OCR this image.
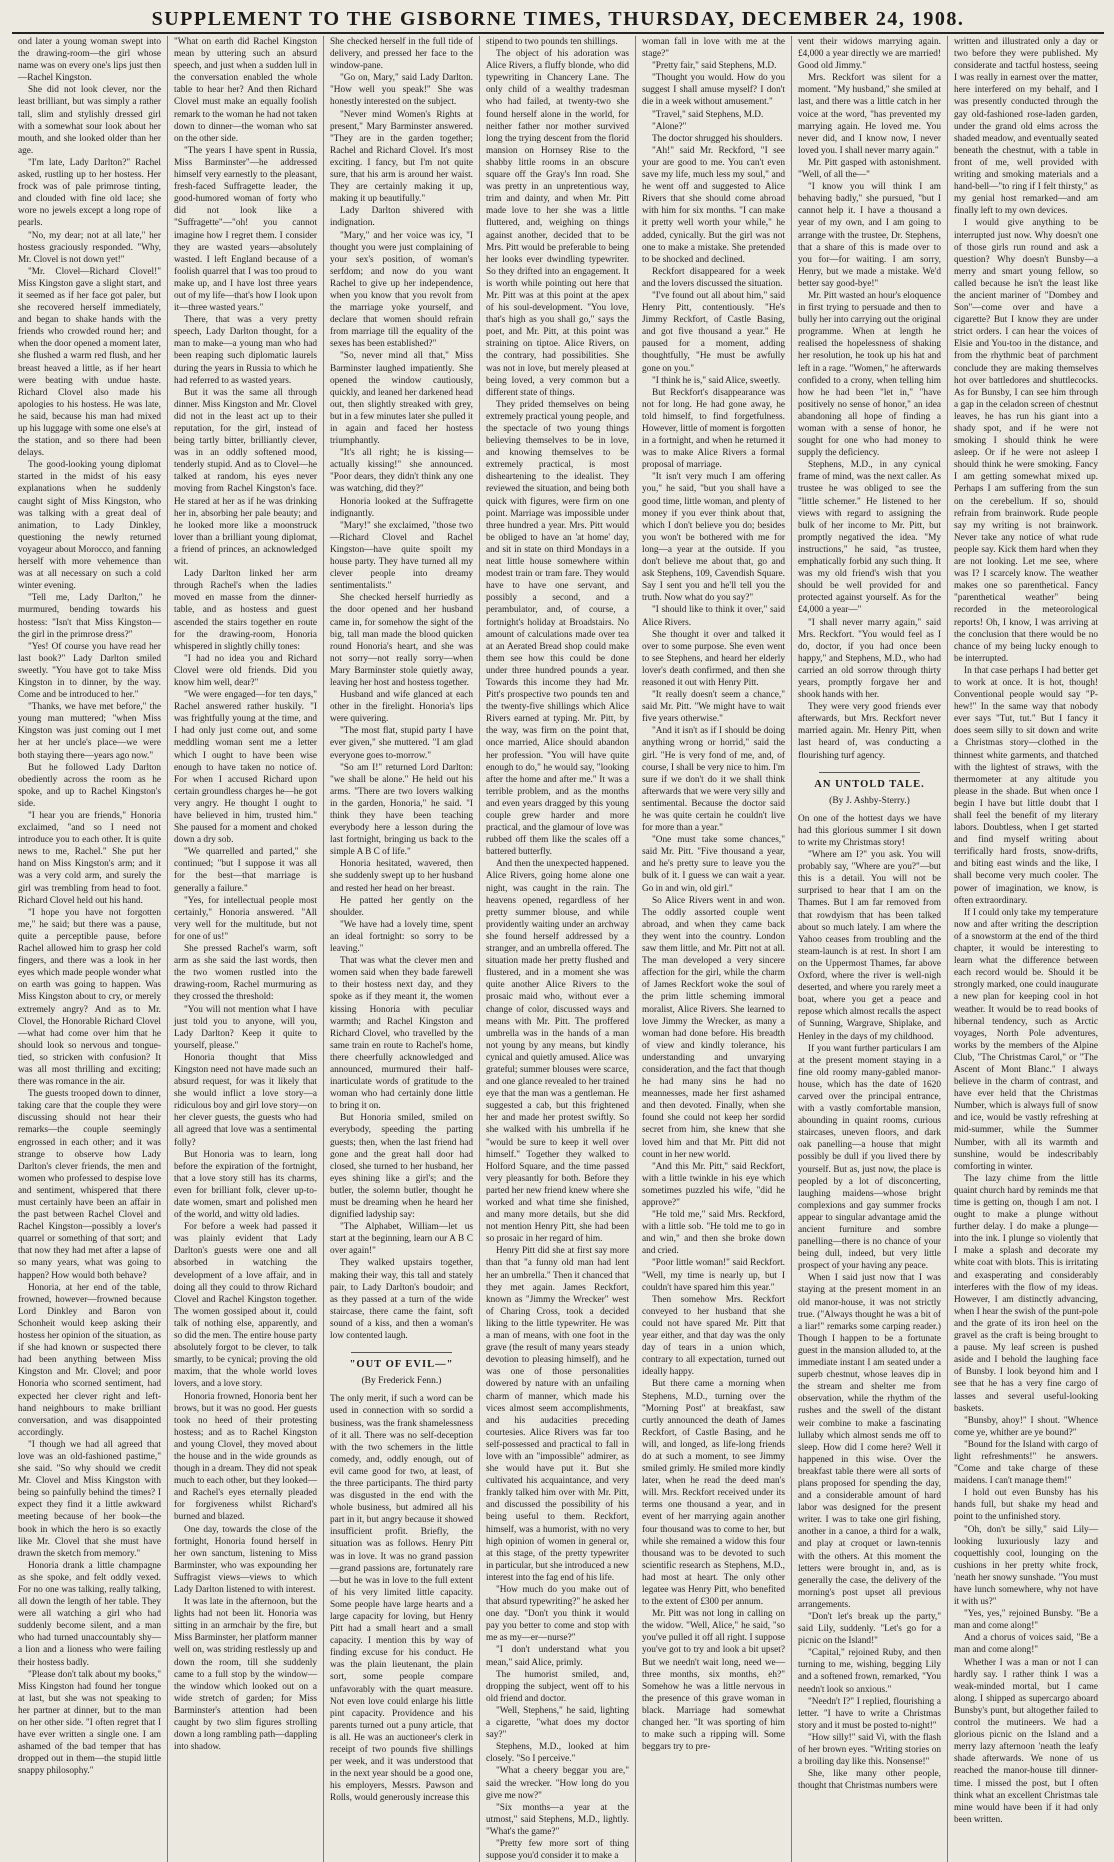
SUPPLEMENT TO THE GISBORNE TIMES, THURSDAY, DECEMBER 24, 1908.

ond later a young woman swept into the drawing-room—the girl whose name was on every one's lips just then—Rachel Kingston.

She did not look clever, nor the least brilliant, but was simply a rather tall, slim and stylishly dressed girl with a somewhat sour look about her mouth, and she looked older than her age.

"I'm late, Lady Darlton?" Rachel asked, rustling up to her hostess. Her frock was of pale primrose tinting, and clouded with fine old lace; she wore no jewels except a long rope of pearls.

"No, my dear; not at all late," her hostess graciously responded. "Why, Mr. Clovel is not down yet!"

"Mr. Clovel—Richard Clovel!" Miss Kingston gave a slight start, and it seemed as if her face got paler, but she recovered herself immediately, and began to shake hands with the friends who crowded round her; and when the door opened a moment later, she flushed a warm red flush, and her breast heaved a little, as if her heart were beating with undue haste. Richard Clovel also made his apologies to his hostess. He was late, he said, because his man had mixed up his luggage with some one else's at the station, and so there had been delays.

The good-looking young diplomat started in the midst of his easy explanations when he suddenly caught sight of Miss Kingston, who was talking with a great deal of animation, to Lady Dinkley, questioning the newly returned voyageur about Morocco, and fanning herself with more vehemence than was at all necessary on such a cold winter evening.

"Tell me, Lady Darlton," he murmured, bending towards his hostess: "Isn't that Miss Kingston—the girl in the primrose dress?"

"Yes! Of course you have read her last book?" Lady Darlton smiled sweetly. "You have got to take Miss Kingston in to dinner, by the way. Come and be introduced to her."

"Thanks, we have met before," the young man muttered; "when Miss Kingston was just coming out I met her at her uncle's place—we were both staying there—years ago now."

But he followed Lady Darlton obediently across the room as he spoke, and up to Rachel Kingston's side.

"I hear you are friends," Honoria exclaimed, "and so I need not introduce you to each other. It is quite news to me, Rachel." She put her hand on Miss Kingston's arm; and it was a very cold arm, and surely the girl was trembling from head to foot. Richard Clovel held out his hand.

"I hope you have not forgotten me," he said; but there was a pause, quite a perceptible pause, before Rachel allowed him to grasp her cold fingers, and there was a look in her eyes which made people wonder what on earth was going to happen. Was Miss Kingston about to cry, or merely extremely angry? And as to Mr. Clovel, the Honorable Richard Clovel—what had come over him that he should look so nervous and tongue-tied, so stricken with confusion? It was all most thrilling and exciting; there was romance in the air.

The guests trooped down to dinner, taking care that the couple they were discussing should not hear their remarks—the couple seemingly engrossed in each other; and it was strange to observe how Lady Darlton's clever friends, the men and women who professed to despise love and sentiment, whispered that there must certainly have been an affair in the past between Rachel Clovel and Rachel Kingston—possibly a lover's quarrel or something of that sort; and that now they had met after a lapse of so many years, what was going to happen? How would both behave?

Honoria, at her end of the table, frowned, however—frowned because Lord Dinkley and Baron von Schonheit would keep asking their hostess her opinion of the situation, as if she had known or suspected there had been anything between Miss Kingston and Mr. Clovel; and poor Honoria who scorned sentiment, had expected her clever right and left-hand neighbours to make brilliant conversation, and was disappointed accordingly.

"I though we had all agreed that love was an old-fashioned pastime," she said. "So why should we credit Mr. Clovel and Miss Kingston with being so painfully behind the times? I expect they find it a little awkward meeting because of her book—the book in which the hero is so exactly like Mr. Clovel that she must have drawn the sketch from memory."

Honoria drank a little champagne as she spoke, and felt oddly vexed. For no one was talking, really talking, all down the length of her table. They were all watching a girl who had suddenly become silent, and a man who had turned unaccountably shy—a lion and a lioness who were failing their hostess badly.

"Please don't talk about my books," Miss Kingston had found her tongue at last, but she was not speaking to her partner at dinner, but to the man on her other side. "I often regret that I have ever written a single one. I am ashamed of the bad temper that has dropped out in them—the stupid little snappy philosophy."

"What on earth did Rachel Kingston mean by uttering such an absurd speech, and just when a sudden lull in the conversation enabled the whole table to hear her? And then Richard Clovel must make an equally foolish remark to the woman he had not taken down to dinner—the woman who sat on the other side.

"The years I have spent in Russia, Miss Barminster"—he addressed himself very earnestly to the pleasant, fresh-faced Suffragette leader, the good-humored woman of forty who did not look like a "Suffragette"—"oh! you cannot imagine how I regret them. I consider they are wasted years—absolutely wasted. I left England because of a foolish quarrel that I was too proud to make up, and I have lost three years out of my life—that's how I look upon it—three wasted years."

There, that was a very pretty speech, Lady Darlton thought, for a man to make—a young man who had been reaping such diplomatic laurels during the years in Russia to which he had referred to as wasted years.

But it was the same all through dinner. Miss Kingston and Mr. Clovel did not in the least act up to their reputation, for the girl, instead of being tartly bitter, brilliantly clever, was in an oddly softened mood, tenderly stupid. And as to Clovel—he talked at random, his eyes never moving from Rachel Kingston's face. He stared at her as if he was drinking her in, absorbing her pale beauty; and he looked more like a moonstruck lover than a brilliant young diplomat, a friend of princes, an acknowledged wit.

Lady Darlton linked her arm through Rachel's when the ladies moved en masse from the dinner-table, and as hostess and guest ascended the stairs together en route for the drawing-room, Honoria whispered in slightly chilly tones:

"I had no idea you and Richard Clovel were old friends. Did you know him well, dear?"

"We were engaged—for ten days," Rachel answered rather huskily. "I was frightfully young at the time, and I had only just come out, and some meddling woman sent me a letter which I ought to have been wise enough to have taken no notice of. For when I accused Richard upon certain groundless charges he—he got very angry. He thought I ought to have believed in him, trusted him." She paused for a moment and choked down a dry sob.

"We quarrelled and parted," she continued; "but I suppose it was all for the best—that marriage is generally a failure."

"Yes, for intellectual people most certainly," Honoria answered. "All very well for the multitude, but not for one of us!"

She pressed Rachel's warm, soft arm as she said the last words, then the two women rustled into the drawing-room, Rachel murmuring as they crossed the threshold:

"You will not mention what I have just told you to anyone, will you, Lady Darlton? Keep it quite to yourself, please."

Honoria thought that Miss Kingston need not have made such an absurd request, for was it likely that she would inflict a love story—a ridiculous boy and girl love story—on her clever guests, the guests who had all agreed that love was a sentimental folly?

But Honoria was to learn, long before the expiration of the fortnight, that a love story still has its charms, even for brilliant folk, clever up-to-date women, smart and polished men of the world, and witty old ladies.

For before a week had passed it was plainly evident that Lady Darlton's guests were one and all absorbed in watching the development of a love affair, and in doing all they could to throw Richard Clovel and Rachel Kingston together. The women gossiped about it, could talk of nothing else, apparently, and so did the men. The entire house party absolutely forgot to be clever, to talk smartly, to be cynical; proving the old maxim, that the whole world loves lovers, and a love story.

Honoria frowned, Honoria bent her brows, but it was no good. Her guests took no heed of their protesting hostess; and as to Rachel Kingston and young Clovel, they moved about the house and in the wide grounds as though in a dream. They did not speak much to each other, but they looked—and Rachel's eyes eternally pleaded for forgiveness whilst Richard's burned and blazed.

One day, towards the close of the fortnight, Honoria found herself in her own sanctum, listening to Miss Barminster, who was expounding her Suffragist views—views to which Lady Darlton listened to with interest.

It was late in the afternoon, but the lights had not been lit. Honoria was sitting in an armchair by the fire, but Miss Barminster, her platform manner well on, was striding restlessly up and down the room, till she suddenly came to a full stop by the window—the window which looked out on a wide stretch of garden; for Miss Barminster's attention had been caught by two slim figures strolling down a long rambling path—dappling into shadow.

She checked herself in the full tide of delivery, and pressed her face to the window-pane.

"Go on, Mary," said Lady Darlton. "How well you speak!" She was honestly interested on the subject.

"Never mind Women's Rights at present," Mary Barminster answered. "They are in the garden together; Rachel and Richard Clovel. It's most exciting. I fancy, but I'm not quite sure, that his arm is around her waist. They are certainly making it up, making it up beautifully."

Lady Darlton shivered with indignation.

"Mary," and her voice was icy, "I thought you were just complaining of your sex's position, of woman's serfdom; and now do you want Rachel to give up her independence, when you know that you revolt from the marriage yoke yourself, and declare that women should refrain from marriage till the equality of the sexes has been established?"

"So, never mind all that," Miss Barminster laughed impatiently. She opened the window cautiously, quickly, and leaned her darkened head out, then slightly streaked with grey, but in a few minutes later she pulled it in again and faced her hostess triumphantly.

"It's all right; he is kissing—actually kissing!" she announced. "Poor dears, they didn't think any one was watching, did they?"

Honoria looked at the Suffragette indignantly.

"Mary!" she exclaimed, "those two—Richard Clovel and Rachel Kingston—have quite spoilt my house party. They have turned all my clever people into dreamy sentimentalists."

She checked herself hurriedly as the door opened and her husband came in, for somehow the sight of the big, tall man made the blood quicken round Honoria's heart, and she was not sorry—not really sorry—when Mary Barminster stole quietly away, leaving her host and hostess together.

Husband and wife glanced at each other in the firelight. Honoria's lips were quivering.

"The most flat, stupid party I have ever given," she muttered. "I am glad everyone goes to-morrow."

"So am I!" returned Lord Darlton: "we shall be alone." He held out his arms. "There are two lovers walking in the garden, Honoria," he said. "I think they have been teaching everybody here a lesson during the last fortnight, bringing us back to the simple A B C of life."

Honoria hesitated, wavered, then she suddenly swept up to her husband and rested her head on her breast.

He patted her gently on the shoulder.

"We have had a lovely time, spent an ideal fortnight: so sorry to be leaving."

That was what the clever men and women said when they bade farewell to their hostess next day, and they spoke as if they meant it, the women kissing Honoria with peculiar warmth; and Rachel Kingston and Richard Clovel, who travelled by the same train en route to Rachel's home, there cheerfully acknowledged and announced, murmured their half-inarticulate words of gratitude to the woman who had certainly done little to bring it on.

But Honoria smiled, smiled on everybody, speeding the parting guests; then, when the last friend had gone and the great hall door had closed, she turned to her husband, her eyes shining like a girl's; and the butler, the solemn butler, thought he must be dreaming when he heard her dignified ladyship say:

"The Alphabet, William—let us start at the beginning, learn our A B C over again!"

They walked upstairs together, making their way, this tall and stately pair, to Lady Darlton's boudoir; and as they passed at a turn of the wide staircase, there came the faint, soft sound of a kiss, and then a woman's low contented laugh.

"OUT OF EVIL—"
(By Frederick Fenn.)

The only merit, if such a word can be used in connection with so sordid a business, was the frank shamelessness of it all. There was no self-deception with the two schemers in the little comedy, and, oddly enough, out of evil came good for two, at least, of the three participants. The third party was disgusted in the end with the whole business, but admired all his part in it, but angry because it showed insufficient profit. Briefly, the situation was as follows. Henry Pitt was in love. It was no grand passion—grand passions are, fortunately rare—but he was in love to the full extent of his very limited little capacity. Some people have large hearts and a large capacity for loving, but Henry Pitt had a small heart and a small capacity. I mention this by way of finding excuse for his conduct. He was the plain lieutenant, the plain sort, some people compare unfavorably with the quart measure. Not even love could enlarge his little pint capacity. Providence and his parents turned out a puny article, that is all. He was an auctioneer's clerk in receipt of two pounds five shillings per week, and it was understood that in the next year should be a good one, his employers, Messrs. Pawson and Rolls, would generously increase this

stipend to two pounds ten shillings.

The object of his adoration was Alice Rivers, a fluffy blonde, who did typewriting in Chancery Lane. The only child of a wealthy tradesman who had failed, at twenty-two she found herself alone in the world, for neither father nor mother survived long the trying descent from the florid mansion on Hornsey Rise to the shabby little rooms in an obscure square off the Gray's Inn road. She was pretty in an unpretentious way, trim and dainty, and when Mr. Pitt made love to her she was a little fluttered, and, weighing on things against another, decided that to be Mrs. Pitt would be preferable to being her looks ever dwindling typewriter. So they drifted into an engagement. It is worth while pointing out here that Mr. Pitt was at this point at the apex of his soul-development. "You love, that's high as you shall go," says the poet, and Mr. Pitt, at this point was straining on tiptoe. Alice Rivers, on the contrary, had possibilities. She was not in love, but merely pleased at being loved, a very common but a different state of things.

They prided themselves on being extremely practical young people, and the spectacle of two young things believing themselves to be in love, and knowing themselves to be extremely practical, is most disheartening to the idealist. They reviewed the situation, and being both quick with figures, were firm on one point. Marriage was impossible under three hundred a year. Mrs. Pitt would be obliged to have an 'at home' day, and sit in state on third Mondays in a neat little house somewhere within modest train or tram fare. They would have to have one servant, and possibly a second, and a perambulator, and, of course, a fortnight's holiday at Broadstairs. No amount of calculations made over tea at an Aerated Bread shop could make them see how this could be done under three hundred pounds a year. Towards this income they had Mr. Pitt's prospective two pounds ten and the twenty-five shillings which Alice Rivers earned at typing. Mr. Pitt, by the way, was firm on the point that, once married, Alice should abandon her profession. "You will have quite enough to do," he would say, "looking after the home and after me." It was a terrible problem, and as the months and even years dragged by this young couple grew harder and more practical, and the glamour of love was rubbed off them like the scales off a battered butterfly.

And then the unexpected happened. Alice Rivers, going home alone one night, was caught in the rain. The heavens opened, regardless of her pretty summer blouse, and while providently waiting under an archway she found herself addressed by a stranger, and an umbrella offered. The situation made her pretty flushed and flustered, and in a moment she was quite another Alice Rivers to the prosaic maid who, without ever a change of color, discussed ways and means with Mr. Pitt. The proffered umbrella was in the hands of a man not young by any means, but kindly cynical and quietly amused. Alice was grateful; summer blouses were scarce, and one glance revealed to her trained eye that the man was a gentleman. He suggested a cab, but this frightened her and made her protest swiftly. So she walked with his umbrella if he "would be sure to keep it well over himself." Together they walked to Holford Square, and the time passed very pleasantly for both. Before they parted her new friend knew where she worked and what time she finished, and many more details, but she did not mention Henry Pitt, she had been so prosaic in her regard of him.

Henry Pitt did she at first say more than that "a funny old man had lent her an umbrella." Then it chanced that they met again. James Reckfort, known as "Jimmy the Wrecker" west of Charing Cross, took a decided liking to the little typewriter. He was a man of means, with one foot in the grave (the result of many years steady devotion to pleasing himself), and he was one of those personalities dowered by nature with an unfailing charm of manner, which made his vices almost seem accomplishments, and his audacities preceding courtesies. Alice Rivers was far too self-possessed and practical to fall in love with an "impossible" admirer, as she would have put it. But she cultivated his acquaintance, and very frankly talked him over with Mr. Pitt, and discussed the possibility of his being useful to them. Reckfort, himself, was a humorist, with no very high opinion of women in general or, at this stage, of the pretty typewriter in particular, but she introduced a new interest into the fag end of his life.

"How much do you make out of that absurd typewriting?" he asked her one day. "Don't you think it would pay you better to come and stop with me as my—er—nurse?"

"I don't understand what you mean," said Alice, primly.

The humorist smiled, and, dropping the subject, went off to his old friend and doctor.

"Well, Stephens," he said, lighting a cigarette, "what does my doctor say?"

Stephens, M.D., looked at him closely. "So I perceive."

"What a cheery beggar you are," said the wrecker. "How long do you give me now?"

"Six months—a year at the utmost," said Stephens, M.D., lightly. "What's the game?"

"Pretty few more sort of thing suppose you'd consider it to make a

woman fall in love with me at the stage?"

"Pretty fair," said Stephens, M.D.

"Thought you would. How do you suggest I shall amuse myself? I don't die in a week without amusement."

"Travel," said Stephens, M.D.

"Alone?"

The doctor shrugged his shoulders.

"Ah!" said Mr. Reckford, "I see your are good to me. You can't even save my life, much less my soul," and he went off and suggested to Alice Rivers that she should come abroad with him for six months. "I can make it pretty well worth your while," he added, cynically. But the girl was not one to make a mistake. She pretended to be shocked and declined.

Reckfort disappeared for a week and the lovers discussed the situation.

"I've found out all about him," said Henry Pitt, contentiously. "He's Jimmy Reckfort, of Castle Basing, and got five thousand a year." He paused for a moment, adding thoughtfully, "He must be awfully gone on you."

"I think he is," said Alice, sweetly.

But Reckfort's disappearance was not for long. He had gone away, he told himself, to find forgetfulness. However, little of moment is forgotten in a fortnight, and when he returned it was to make Alice Rivers a formal proposal of marriage.

"It isn't very much I am offering you," he said, "but you shall have a good time, little woman, and plenty of money if you ever think about that, which I don't believe you do; besides you won't be bothered with me for long—a year at the outside. If you don't believe me about that, go and ask Stephens, 109, Cavendish Square. Say I sent you and he'll tell you the truth. Now what do you say?"

"I should like to think it over," said Alice Rivers.

She thought it over and talked it over to some purpose. She even went to see Stephens, and heard her elderly lover's death confirmed, and then she reasoned it out with Henry Pitt.

"It really doesn't seem a chance," said Mr. Pitt. "We might have to wait five years otherwise."

"And it isn't as if I should be doing anything wrong or horrid," said the girl. "He is very fond of me, and, of course, I shall be very nice to him. I'm sure if we don't do it we shall think afterwards that we were very silly and sentimental. Because the doctor said he was quite certain he couldn't live for more than a year."

"One must take some chances," said Mr. Pitt. "Five thousand a year, and he's pretty sure to leave you the bulk of it. I guess we can wait a year. Go in and win, old girl."

So Alice Rivers went in and won. The oddly assorted couple went abroad, and when they came back they went into the country. London saw them little, and Mr. Pitt not at all. The man developed a very sincere affection for the girl, while the charm of James Reckfort woke the soul of the prim little scheming immoral moralist, Alice Rivers. She learned to love Jimmy the Wrecker, as many a woman had done before. His breadth of view and kindly tolerance, his understanding and unvarying consideration, and the fact that though he had many sins he had no meannesses, made her first ashamed and then devoted. Finally, when she found she could not keep her sordid secret from him, she knew that she loved him and that Mr. Pitt did not count in her new world.

"And this Mr. Pitt," said Reckfort, with a little twinkle in his eye which sometimes puzzled his wife, "did he approve?"

"He told me," said Mrs. Reckford, with a little sob. "He told me to go in and win," and then she broke down and cried.

"Poor little woman!" said Reckfort. "Well, my time is nearly up, but I couldn't have spared him this year."

Then somehow Mrs. Reckfort conveyed to her husband that she could not have spared Mr. Pitt that year either, and that day was the only day of tears in a union which, contrary to all expectation, turned out ideally happy.

But there came a morning when Stephens, M.D., turning over the "Morning Post" at breakfast, saw curtly announced the death of James Reckfort, of Castle Basing, and he will, and longed, as life-long friends do at such a moment, to see Jimmy smiled grimly. He smiled more kindly later, when he read the deed man's will. Mrs. Reckfort received under its terms one thousand a year, and in event of her marrying again another four thousand was to come to her, but while she remained a widow this four thousand was to be devoted to such scientific research as Stephens, M.D., had most at heart. The only other legatee was Henry Pitt, who benefited to the extent of £300 per annum.

Mr. Pitt was not long in calling on the widow. "Well, Alice," he said, "so you've pulled it off all right. I suppose you've got to try and look a bit upset? But we needn't wait long, need we—three months, six months, eh?" Somehow he was a little nervous in the presence of this grave woman in black. Marriage had somewhat changed her. "It was sporting of him to make such a ripping will. Some beggars try to pre-

vent their widows marrying again. £4,000 a year directly we are married! Good old Jimmy."

Mrs. Reckfort was silent for a moment. "My husband," she smiled at last, and there was a little catch in her voice at the word, "has prevented my marrying again. He loved me. You never did, and I know now, I never loved you. I shall never marry again."

Mr. Pitt gasped with astonishment. "Well, of all the—"

"I know you will think I am behaving badly," she pursued, "but I cannot help it. I have a thousand a year of my own, and I am going to arrange with the trustee, Dr. Stephens, that a share of this is made over to you for—for waiting. I am sorry, Henry, but we made a mistake. We'd better say good-bye!"

Mr. Pitt wasted an hour's eloquence in first trying to persuade and then to bully her into carrying out the original programme. When at length he realised the hopelessness of shaking her resolution, he took up his hat and left in a rage. "Women," he afterwards confided to a crony, when telling him how he had been "let in," "have positively no sense of honor," an idea abandoning all hope of finding a woman with a sense of honor, he sought for one who had money to supply the deficiency.

Stephens, M.D., in any cynical frame of mind, was the next caller. As trustee he was obliged to see the "little schemer." He listened to her views with regard to assigning the bulk of her income to Mr. Pitt, but promptly negatived the idea. "My instructions," he said, "as trustee, emphatically forbid any such thing. It was my old friend's wish that you should be well provided for and protected against yourself. As for the £4,000 a year—"

"I shall never marry again," said Mrs. Reckfort. "You would feel as I do, doctor, if you had once been happy," and Stephens, M.D., who had carried an old sorrow through thirty years, promptly forgave her and shook hands with her.

They were very good friends ever afterwards, but Mrs. Reckfort never married again. Mr. Henry Pitt, when last heard of, was conducting a flourishing turf agency.

AN UNTOLD TALE.
(By J. Ashby-Sterry.)

On one of the hottest days we have had this glorious summer I sit down to write my Christmas story!

"Where am I?" you ask. You will probably say, "Where are you?"—but this is a detail. You will not be surprised to hear that I am on the Thames. But I am far removed from that rowdyism that has been talked about so much lately. I am where the Yahoo ceases from troubling and the steam-launch is at rest. In short I am on the Uppermost Thames, far above Oxford, where the river is well-nigh deserted, and where you rarely meet a boat, where you get a peace and repose which almost recalls the aspect of Sunning, Wargrave, Shiplake, and Henley in the days of my childhood.

If you want further particulars I am at the present moment staying in a fine old roomy many-gabled manor-house, which has the date of 1620 carved over the principal entrance, with a vastly comfortable mansion, abounding in quaint rooms, curious staircases, uneven floors, and dark oak panelling—a house that might possibly be dull if you lived there by yourself. But as, just now, the place is peopled by a lot of disconcerting, laughing maidens—whose bright complexions and gay summer frocks appear to singular advantage amid the ancient furniture and sombre panelling—there is no chance of your being dull, indeed, but very little prospect of your having any peace.

When I said just now that I was staying at the present moment in an old manor-house, it was not strictly true. ("Always thought he was a bit of a liar!" remarks some carping reader.) Though I happen to be a fortunate guest in the mansion alluded to, at the immediate instant I am seated under a superb chestnut, whose leaves dip in the stream and shelter me from observation, while the rhythm of the rushes and the swell of the distant weir combine to make a fascinating lullaby which almost sends me off to sleep. How did I come here? Well it happened in this wise. Over the breakfast table there were all sorts of plans proposed for spending the day, and a considerable amount of hard labor was designed for the present writer. I was to take one girl fishing, another in a canoe, a third for a walk, and play at croquet or lawn-tennis with the others. At this moment the letters were brought in, and, as is generally the case, the delivery of the morning's post upset all previous arrangements.

"Don't let's break up the party," said Lily, suddenly. "Let's go for a picnic on the Island!"

"Capital," rejoined Ruby, and then turning to me, wishing, begging Lily and a softened frown, remarked, "You needn't look so anxious."

"Needn't I?" I replied, flourishing a letter. "I have to write a Christmas story and it must be posted to-night!"

"How silly!" said Vi, with the flash of her brown eyes. "Writing stories on a broiling day like this. Nonsense!"

She, like many other people, thought that Christmas numbers were

written and illustrated only a day or two before they were published. My considerate and tactful hostess, seeing I was really in earnest over the matter, here interfered on my behalf, and I was presently conducted through the gay old-fashioned rose-laden garden, under the grand old elms across the shaded meadow, and eventually seated beneath the chestnut, with a table in front of me, well provided with writing and smoking materials and a hand-bell—"to ring if I felt thirsty," as my genial host remarked—and am finally left to my own devices.

I would give anything to be interrupted just now. Why doesn't one of those girls run round and ask a question? Why doesn't Bunsby—a merry and smart young fellow, so called because he isn't the least like the ancient mariner of "Dombey and Son"—come over and have a cigarette? But I know they are under strict orders. I can hear the voices of Elsie and You-too in the distance, and from the rhythmic beat of parchment conclude they are making themselves hot over battledores and shuttlecocks. As for Bunsby, I can see him through a gap in the celadon screen of chestnut leaves, he has run his giant into a shady spot, and if he were not smoking I should think he were asleep. Or if he were not asleep I should think he were smoking. Fancy I am getting somewhat mixed up. Perhaps I am suffering from the sun on the cerebellum. If so, should refrain from brainwork. Rude people say my writing is not brainwork. Never take any notice of what rude people say. Kick them hard when they are not looking. Let me see, where was I? I scarcely know. The weather makes one so parenthetical. Fancy "parenthetical weather" being recorded in the meteorological reports! Oh, I know, I was arriving at the conclusion that there would be no chance of my being lucky enough to be interrupted.

In that case perhaps I had better get to work at once. It is hot, though! Conventional people would say "P-hew!" In the same way that nobody ever says "Tut, tut." But I fancy it does seem silly to sit down and write a Christmas story—clothed in the thinnest white garments, and thatched with the lightest of straws, with the thermometer at any altitude you please in the shade. But when once I begin I have but little doubt that I shall feel the benefit of my literary labors. Doubtless, when I get started and find myself writing about terrifically hard frosts, snow-drifts, and biting east winds and the like, I shall become very much cooler. The power of imagination, we know, is often extraordinary.

If I could only take my temperature now and after writing the description of a snowstorm at the end of the third chapter, it would be interesting to learn what the difference between each record would be. Should it be strongly marked, one could inaugurate a new plan for keeping cool in hot weather. It would be to read books of hibernal tendency, such as Arctic voyages, North Pole adventures, works by the members of the Alpine Club, "The Christmas Carol," or "The Ascent of Mont Blanc." I always believe in the charm of contrast, and have ever held that the Christmas Number, which is always full of snow and ice, would be vastly refreshing at mid-summer, while the Summer Number, with all its warmth and sunshine, would be indescribably comforting in winter.

The lazy chime from the little quaint church hard by reminds me that time is getting on, though I am not. I ought to make a plunge without further delay. I do make a plunge—into the ink. I plunge so violently that I make a splash and decorate my white coat with blots. This is irritating and exasperating and considerably interferes with the flow of my ideas. However, I am distinctly advancing, when I hear the swish of the punt-pole and the grate of its iron heel on the gravel as the craft is being brought to a pause. My leaf screen is pushed aside and I behold the laughing face of Bunsby. I look beyond him and I see that he has a very fine cargo of lasses and several useful-looking baskets.

"Bunsby, ahoy!" I shout. "Whence come ye, whither are ye bound?"

"Bound for the Island with cargo of light refreshments!" he answers. "Come and take charge of these maidens. I can't manage them!"

I hold out even Bunsby has his hands full, but shake my head and point to the unfinished story.

"Oh, don't be silly," said Lily—looking luxuriously lazy and coquettishly cool, lounging on the cushions in her pretty white frock, 'neath her snowy sunshade. "You must have lunch somewhere, why not have it with us?"

"Yes, yes," rejoined Bunsby. "Be a man and come along!"

And a chorus of voices said, "Be a man and come along!"

Whether I was a man or not I can hardly say. I rather think I was a weak-minded mortal, but I came along. I shipped as supercargo aboard Bunsby's punt, but altogether failed to control the mutineers. We had a glorious picnic on the Island and a merry lazy afternoon 'neath the leafy shade afterwards. We none of us reached the manor-house till dinner-time. I missed the post, but I often think what an excellent Christmas tale mine would have been if it had only been written.
